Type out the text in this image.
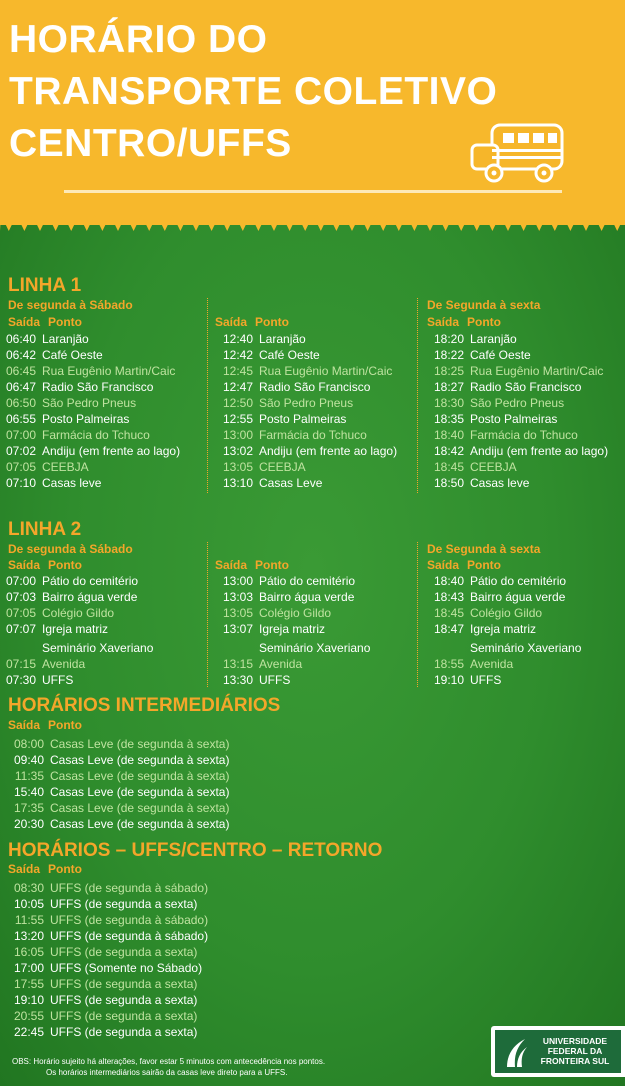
HORÁRIO DO
TRANSPORTE COLETIVO
CENTRO/UFFS
LINHA 1
De segunda à Sábado	De Segunda à sexta
Saída Ponto	Saída Ponto	Saída Ponto
06:40 Laranjão
06:42 Café Oeste
06:45 Rua Eugênio Martin/Caic
06:47 Radio São Francisco
06:50 São Pedro Pneus
06:55 Posto Palmeiras
07:00 Farmácia do Tchuco
07:02 Andiju (em frente ao lago)
07:05 CEEBJA
07:10 Casas leve
12:40 Laranjão
12:42 Café Oeste
12:45 Rua Eugênio Martin/Caic
12:47 Radio São Francisco
12:50 São Pedro Pneus
12:55 Posto Palmeiras
13:00 Farmácia do Tchuco
13:02 Andiju (em frente ao lago)
13:05 CEEBJA
13:10 Casas Leve
18:20 Laranjão
18:22 Café Oeste
18:25 Rua Eugênio Martin/Caic
18:27 Radio São Francisco
18:30 São Pedro Pneus
18:35 Posto Palmeiras
18:40 Farmácia do Tchuco
18:42 Andiju (em frente ao lago)
18:45 CEEBJA
18:50 Casas leve
LINHA 2
De segunda à Sábado	De Segunda à sexta
Saída Ponto	Saída Ponto	Saída Ponto
07:00 Pátio do cemitério
07:03 Bairro água verde
07:05 Colégio Gildo
07:07 Igreja matriz
Seminário Xaveriano
07:15 Avenida
07:30 UFFS
13:00 Pátio do cemitério
13:03 Bairro água verde
13:05 Colégio Gildo
13:07 Igreja matriz
Seminário Xaveriano
13:15 Avenida
13:30 UFFS
18:40 Pátio do cemitério
18:43 Bairro água verde
18:45 Colégio Gildo
18:47 Igreja matriz
Seminário Xaveriano
18:55 Avenida
19:10 UFFS
HORÁRIOS INTERMEDIÁRIOS
Saída Ponto
08:00 Casas Leve (de segunda à sexta)
09:40 Casas Leve (de segunda à sexta)
11:35 Casas Leve (de segunda à sexta)
15:40 Casas Leve (de segunda à sexta)
17:35 Casas Leve (de segunda à sexta)
20:30 Casas Leve (de segunda à sexta)
HORÁRIOS – UFFS/CENTRO – RETORNO
Saída Ponto
08:30 UFFS (de segunda à sábado)
10:05 UFFS (de segunda a sexta)
11:55 UFFS (de segunda à sábado)
13:20 UFFS (de segunda à sábado)
16:05 UFFS (de segunda a sexta)
17:00 UFFS (Somente no Sábado)
17:55 UFFS (de segunda a sexta)
19:10 UFFS (de segunda a sexta)
20:55 UFFS (de segunda a sexta)
22:45 UFFS (de segunda a sexta)
UNIVERSIDADE
FEDERAL DA
FRONTEIRA SUL
OBS: Horário sujeito há alterações, favor estar 5 minutos com antecedência nos pontos.
Os horários intermediários sairão da casas leve direto para a UFFS.
